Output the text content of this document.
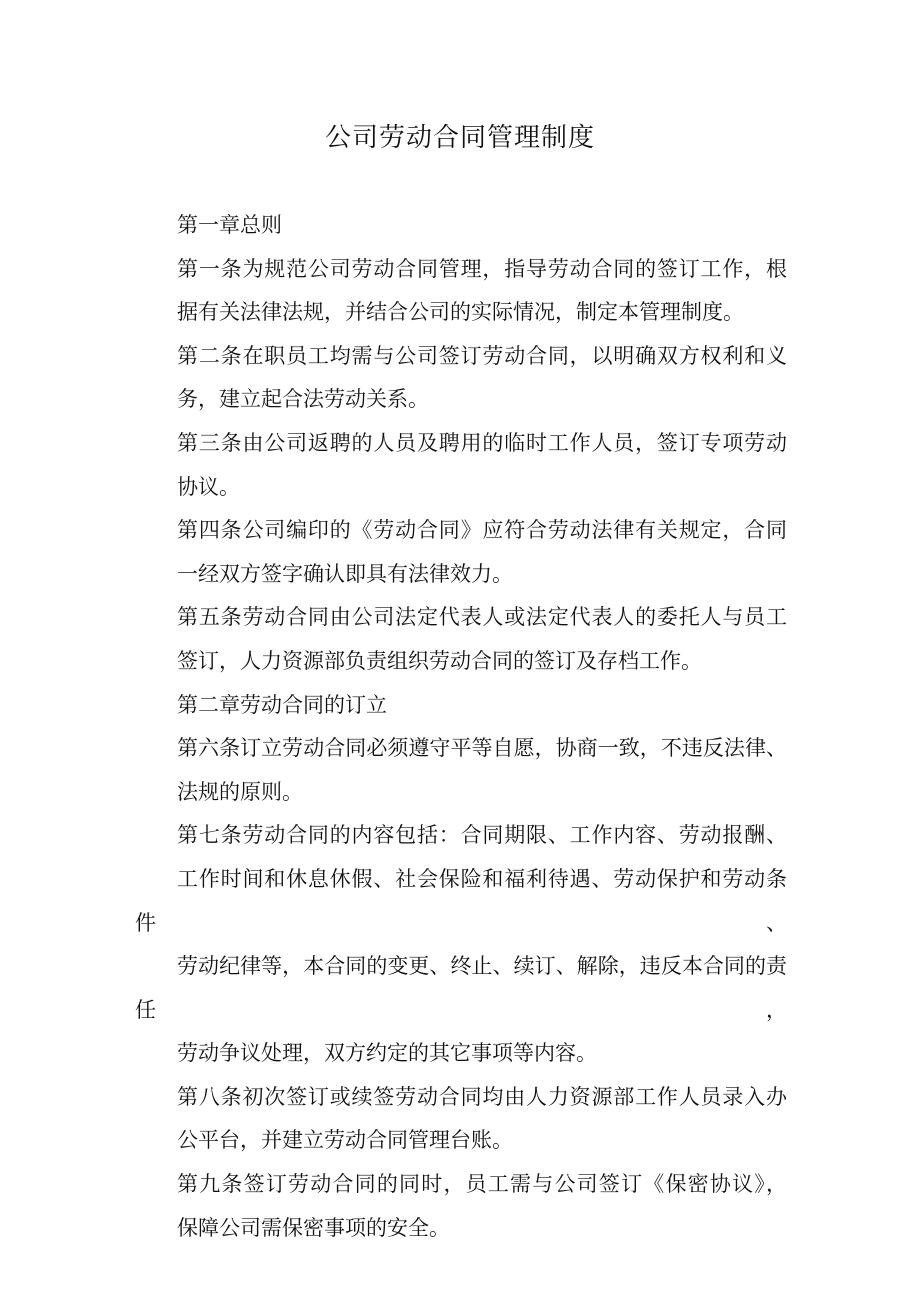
公司劳动合同管理制度

第一章总则

第一条为规范公司劳动合同管理，指导劳动合同的签订工作，根
据有关法律法规，并结合公司的实际情况，制定本管理制度。

第二条在职员工均需与公司签订劳动合同，以明确双方权利和义
务，建立起合法劳动关系。

第三条由公司返聘的人员及聘用的临时工作人员，签订专项劳动
协议。

第四条公司编印的《劳动合同》应符合劳动法律有关规定，合同
一经双方签字确认即具有法律效力。

第五条劳动合同由公司法定代表人或法定代表人的委托人与员工
签订，人力资源部负责组织劳动合同的签订及存档工作。

第二章劳动合同的订立

第六条订立劳动合同必须遵守平等自愿，协商一致，不违反法律、
法规的原则。

第七条劳动合同的内容包括：合同期限、工作内容、劳动报酬、
工作时间和休息休假、社会保险和福利待遇、劳动保护和劳动条件、
劳动纪律等，本合同的变更、终止、续订、解除，违反本合同的责任，
劳动争议处理，双方约定的其它事项等内容。

第八条初次签订或续签劳动合同均由人力资源部工作人员录入办
公平台，并建立劳动合同管理台账。

第九条签订劳动合同的同时，员工需与公司签订《保密协议》，
保障公司需保密事项的安全。
